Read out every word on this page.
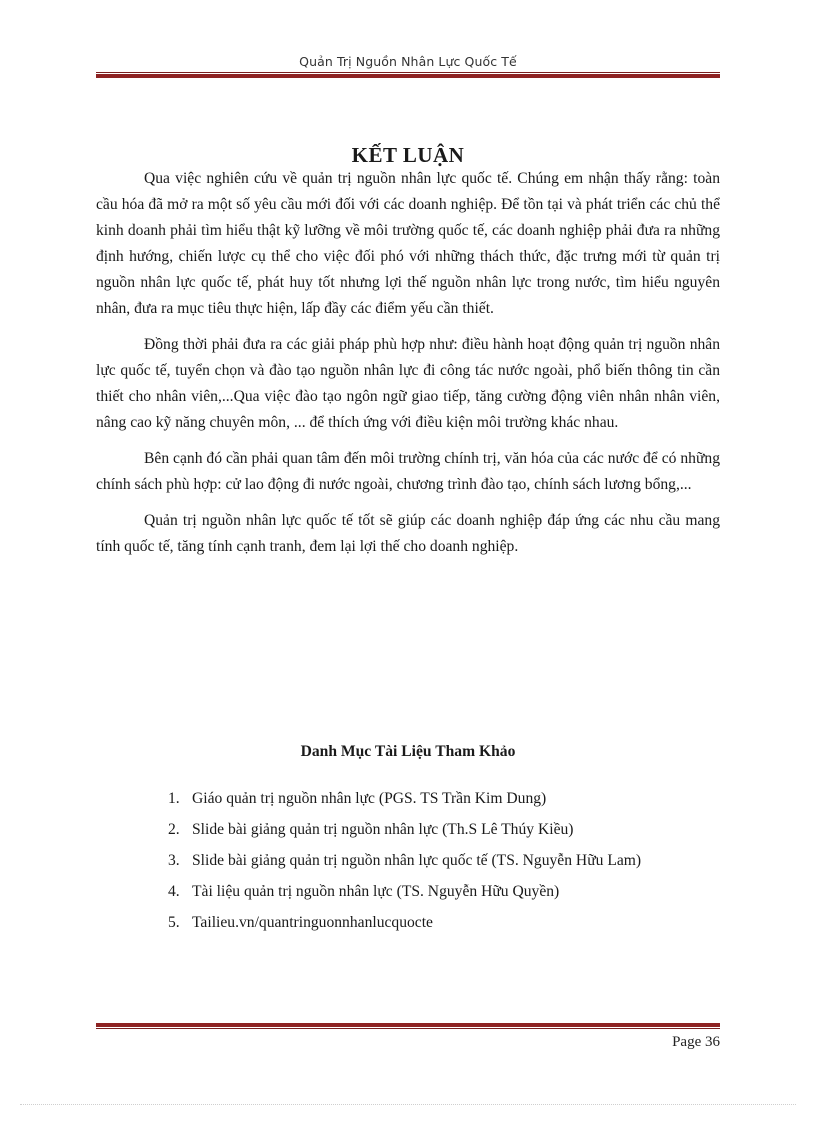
Quản Trị Nguồn Nhân Lực Quốc Tế
KẾT LUẬN

Qua việc nghiên cứu về quản trị nguồn nhân lực quốc tế. Chúng em nhận thấy rằng: toàn cầu hóa đã mở ra một số yêu cầu mới đối với các doanh nghiệp. Để tồn tại và phát triển các chủ thể kinh doanh phải tìm hiểu thật kỹ lưỡng về môi trường quốc tế, các doanh nghiệp phải đưa ra những định hướng, chiến lược cụ thể cho việc đối phó với những thách thức, đặc trưng mới từ quản trị nguồn nhân lực quốc tế, phát huy tốt nhưng lợi thế nguồn nhân lực trong nước, tìm hiểu nguyên nhân, đưa ra mục tiêu thực hiện, lấp đầy các điểm yếu cần thiết.

Đồng thời phải đưa ra các giải pháp phù hợp như: điều hành hoạt động quản trị nguồn nhân lực quốc tế, tuyển chọn và đào tạo nguồn nhân lực đi công tác nước ngoài, phổ biến thông tin cần thiết cho nhân viên,...Qua việc đào tạo ngôn ngữ giao tiếp, tăng cường động viên nhân nhân viên, nâng cao kỹ năng chuyên môn, ... để thích ứng với điều kiện môi trường khác nhau.

Bên cạnh đó cần phải quan tâm đến môi trường chính trị, văn hóa của các nước để có những chính sách phù hợp: cử lao động đi nước ngoài, chương trình đào tạo, chính sách lương bổng,...

Quản trị nguồn nhân lực quốc tế tốt sẽ giúp các doanh nghiệp đáp ứng các nhu cầu mang tính quốc tế, tăng tính cạnh tranh, đem lại lợi thế cho doanh nghiệp.

Danh Mục Tài Liệu Tham Khảo
1. Giáo quản trị nguồn nhân lực (PGS. TS Trần Kim Dung)
2. Slide bài giảng quản trị nguồn nhân lực (Th.S Lê Thúy Kiều)
3. Slide bài giảng quản trị nguồn nhân lực quốc tế (TS. Nguyễn Hữu Lam)
4. Tài liệu quản trị nguồn nhân lực (TS. Nguyễn Hữu Quyền)
5. Tailieu.vn/quantringuonnhanlucquocte
Page 36
